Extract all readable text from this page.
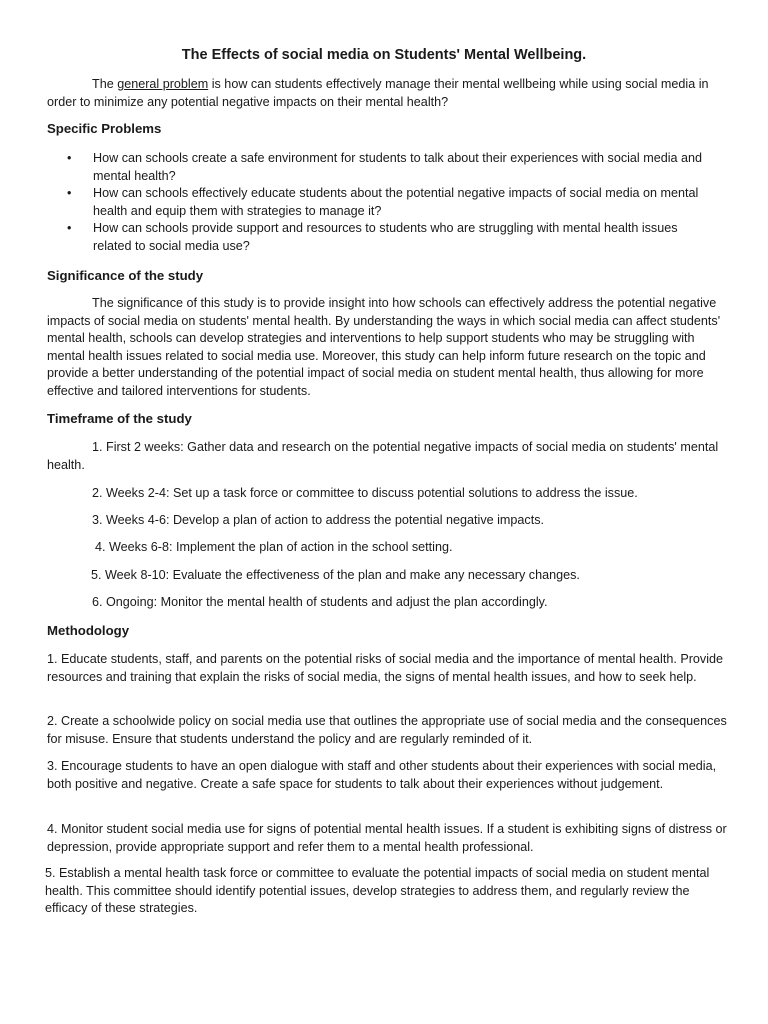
The Effects of social media on Students' Mental Wellbeing.
The general problem is how can students effectively manage their mental wellbeing while using social media in order to minimize any potential negative impacts on their mental health?
Specific Problems
• How can schools create a safe environment for students to talk about their experiences with social media and mental health?
• How can schools effectively educate students about the potential negative impacts of social media on mental health and equip them with strategies to manage it?
• How can schools provide support and resources to students who are struggling with mental health issues related to social media use?
Significance of the study
The significance of this study is to provide insight into how schools can effectively address the potential negative impacts of social media on students' mental health. By understanding the ways in which social media can affect students' mental health, schools can develop strategies and interventions to help support students who may be struggling with mental health issues related to social media use. Moreover, this study can help inform future research on the topic and provide a better understanding of the potential impact of social media on student mental health, thus allowing for more effective and tailored interventions for students.
Timeframe of the study
1. First 2 weeks: Gather data and research on the potential negative impacts of social media on students' mental health.
2. Weeks 2-4: Set up a task force or committee to discuss potential solutions to address the issue.
3. Weeks 4-6: Develop a plan of action to address the potential negative impacts.
4. Weeks 6-8: Implement the plan of action in the school setting.
5. Week 8-10: Evaluate the effectiveness of the plan and make any necessary changes.
6. Ongoing: Monitor the mental health of students and adjust the plan accordingly.
Methodology
1. Educate students, staff, and parents on the potential risks of social media and the importance of mental health. Provide resources and training that explain the risks of social media, the signs of mental health issues, and how to seek help.
2. Create a schoolwide policy on social media use that outlines the appropriate use of social media and the consequences for misuse. Ensure that students understand the policy and are regularly reminded of it.
3. Encourage students to have an open dialogue with staff and other students about their experiences with social media, both positive and negative. Create a safe space for students to talk about their experiences without judgement.
4. Monitor student social media use for signs of potential mental health issues. If a student is exhibiting signs of distress or depression, provide appropriate support and refer them to a mental health professional.
5. Establish a mental health task force or committee to evaluate the potential impacts of social media on student mental health. This committee should identify potential issues, develop strategies to address them, and regularly review the efficacy of these strategies.
